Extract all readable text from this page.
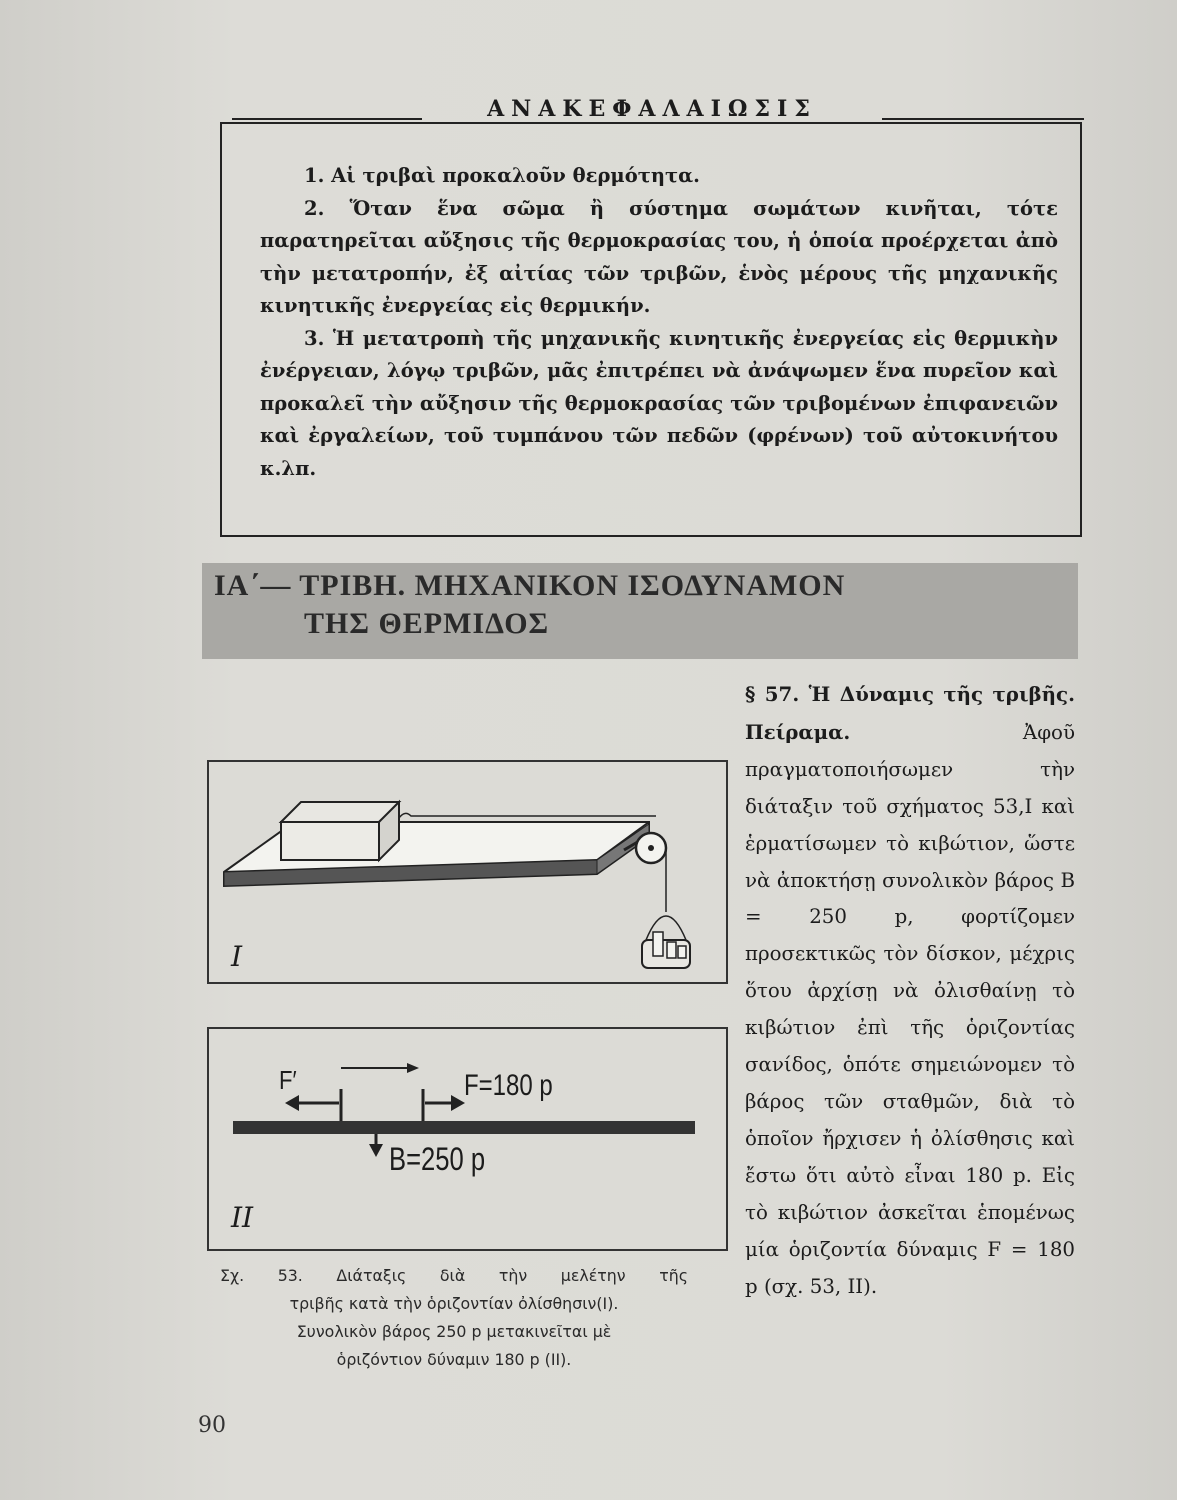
ΑΝΑΚΕΦΑΛΑΙΩΣΙΣ

1. Αἱ τριβαὶ προκαλοῦν θερμότητα.

2. Ὅταν ἕνα σῶμα ἢ σύστημα σωμάτων κινῆται, τότε παρατηρεῖται αὔξησις τῆς θερμοκρασίας του, ἡ ὁποία προέρχεται ἀπὸ τὴν μετατροπήν, ἐξ αἰτίας τῶν τριβῶν, ἑνὸς μέρους τῆς μηχανικῆς κινητικῆς ἐνεργείας εἰς θερμικήν.

3. Ἡ μετατροπὴ τῆς μηχανικῆς κινητικῆς ἐνεργείας εἰς θερμικὴν ἐνέργειαν, λόγῳ τριβῶν, μᾶς ἐπιτρέπει νὰ ἀνάψωμεν ἕνα πυρεῖον καὶ προκαλεῖ τὴν αὔξησιν τῆς θερμοκρασίας τῶν τριβομένων ἐπιφανειῶν καὶ ἐργαλείων, τοῦ τυμπάνου τῶν πεδῶν (φρένων) τοῦ αὐτοκινήτου κ.λπ.

ΙΑ΄— ΤΡΙΒΗ. ΜΗΧΑΝΙΚΟΝ ΙΣΟΔΥΝΑΜΟΝ
ΤΗΣ ΘΕΡΜΙΔΟΣ
§ 57. Ἡ Δύναμις τῆς τριβῆς. Πείραμα.	Ἀφοῦ πραγματοποιήσωμεν τὴν διάταξιν τοῦ σχήματος 53,Ι καὶ ἑρματίσωμεν τὸ κιβώτιον, ὥστε νὰ ἀποκτήσῃ συνολικὸν βάρος Β = 250 p, φορτίζομεν προσεκτικῶς τὸν δίσκον, μέχρις ὅτου ἀρχίσῃ νὰ ὀλισθαίνῃ τὸ κιβώτιον ἐπὶ τῆς ὁριζοντίας σανίδος, ὁπότε σημειώνομεν τὸ βάρος τῶν σταθμῶν, διὰ τὸ ὁποῖον ἤρχισεν ἡ ὀλίσθησις καὶ ἔστω ὅτι αὐτὸ εἶναι 180 p. Εἰς τὸ κιβώτιον ἀσκεῖται ἑπομένως μία ὁριζοντία δύναμις F = 180 p (σχ. 53, ΙΙ).
I
F′	F=180 p
B=250 p
II
Σχ. 53. Διάταξις διὰ τὴν μελέτην τῆς
τριβῆς κατὰ τὴν ὁριζοντίαν ὀλίσθησιν(Ι).
Συνολικὸν βάρος 250 p μετακινεῖται μὲ
ὁριζόντιον δύναμιν 180 p (ΙΙ).
90
